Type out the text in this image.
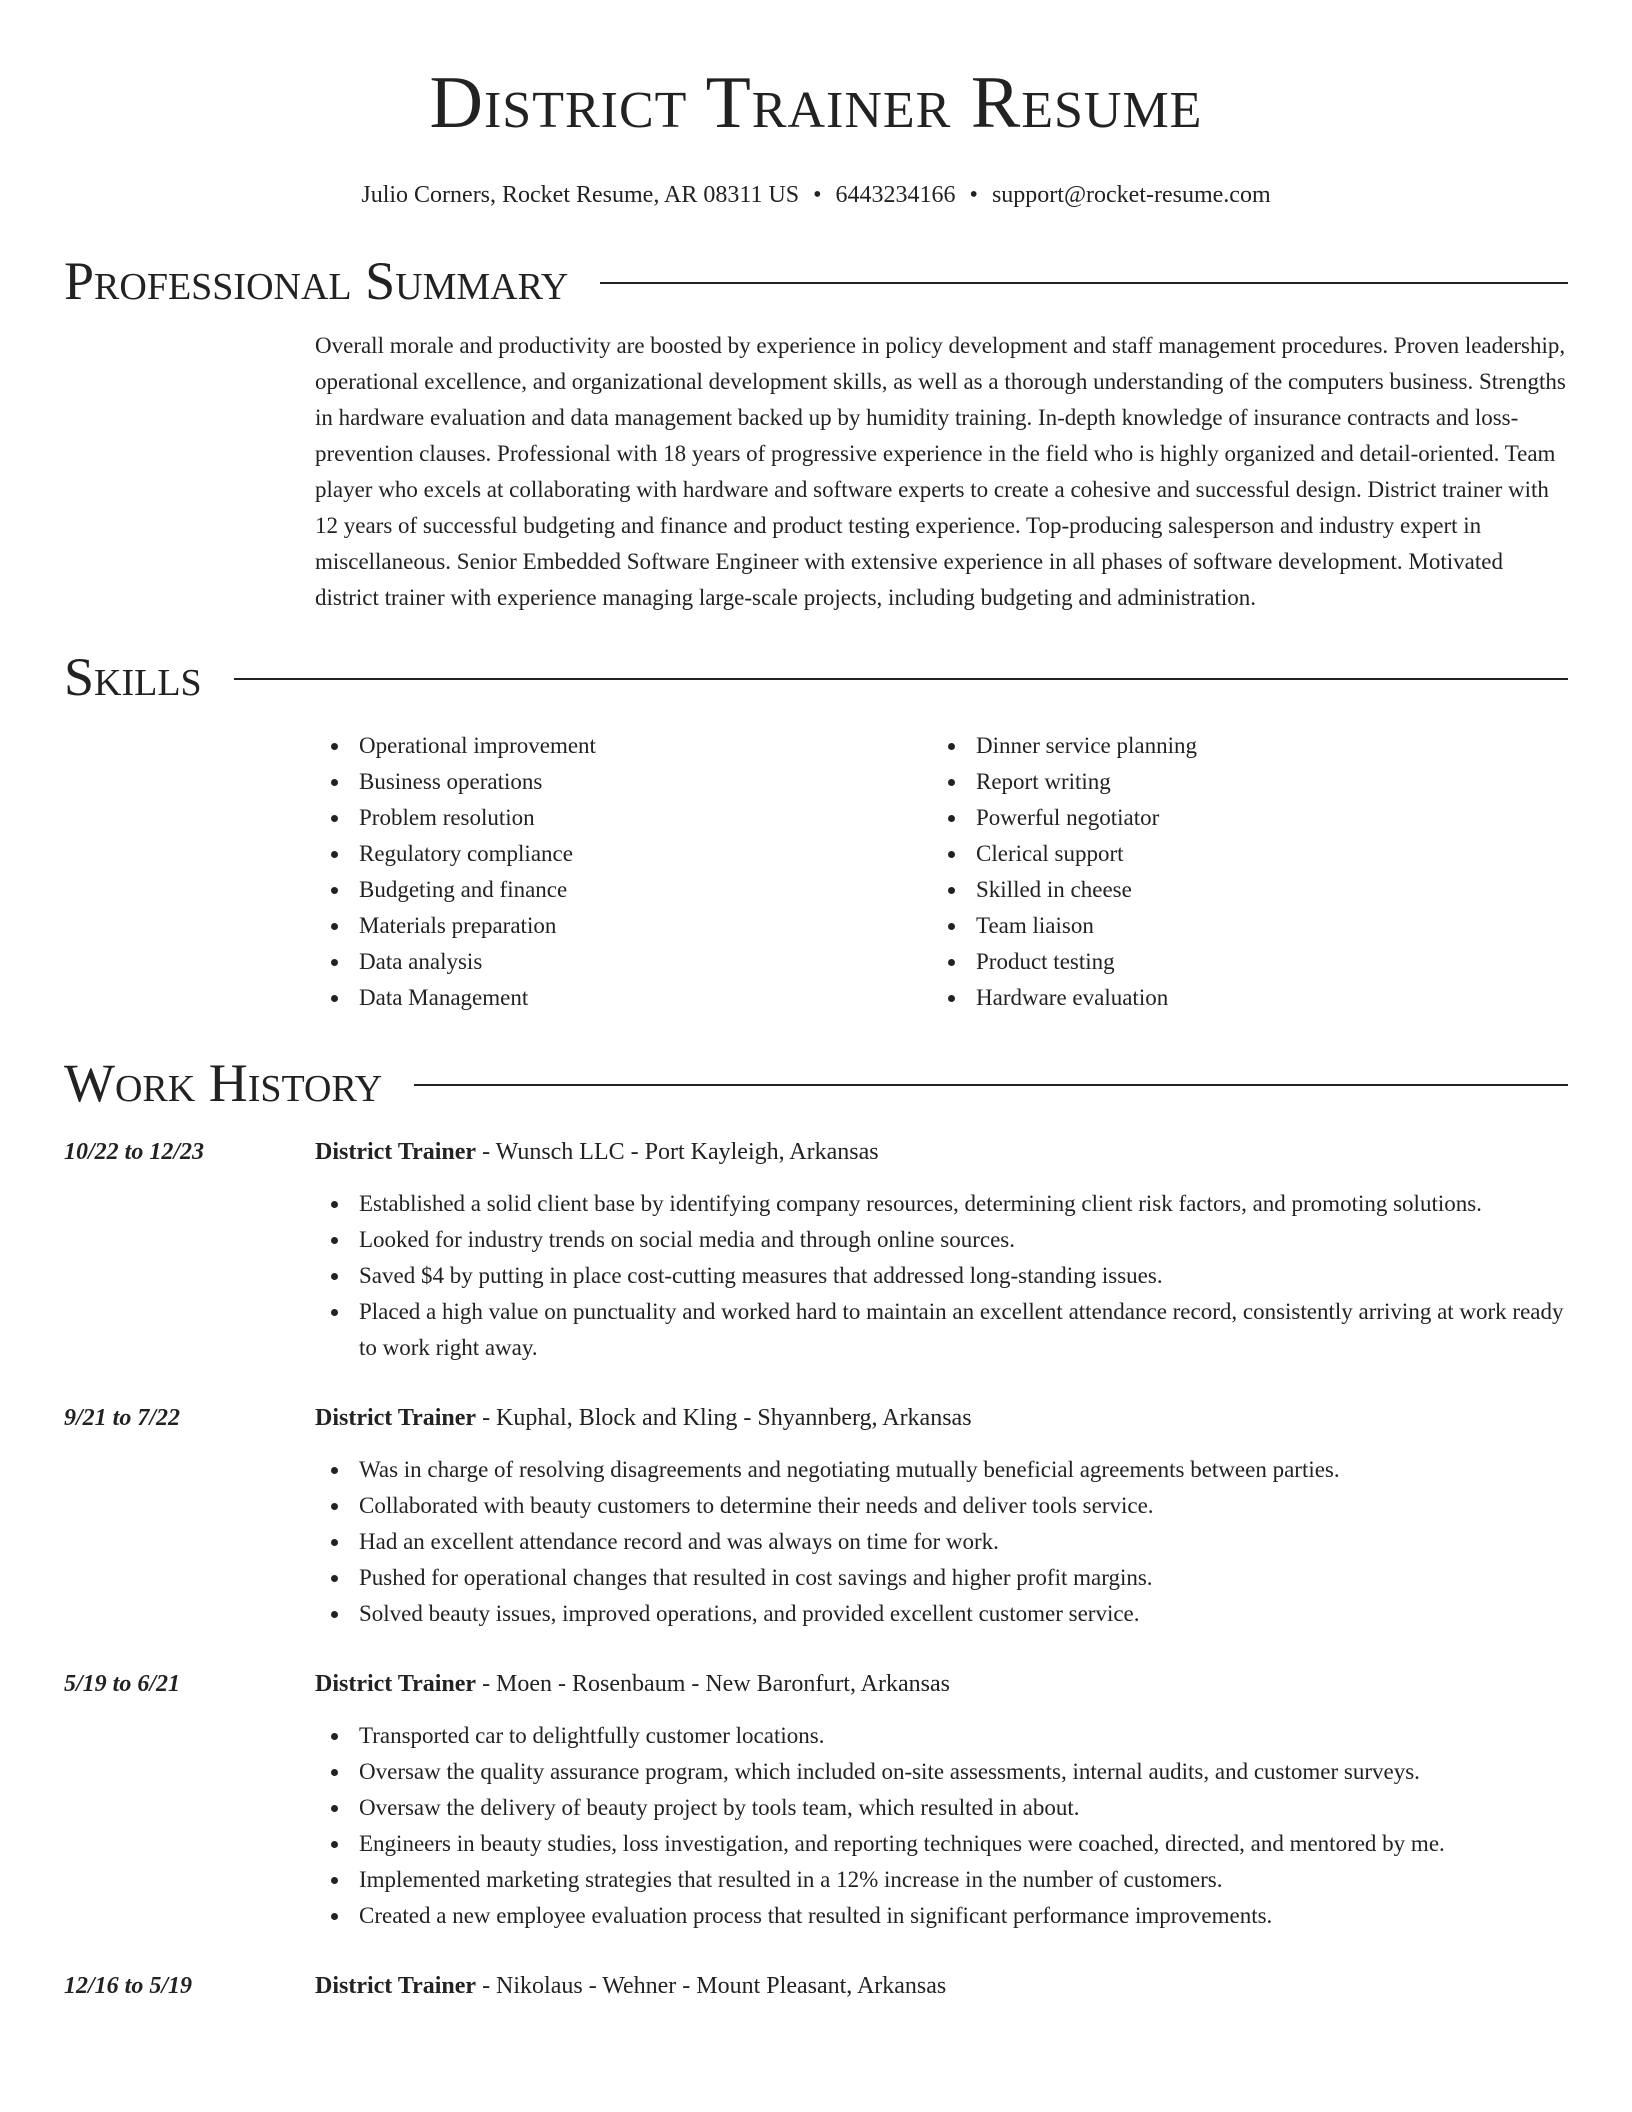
District Trainer Resume
Julio Corners, Rocket Resume, AR 08311 US • 6443234166 • support@rocket-resume.com
Professional Summary

Overall morale and productivity are boosted by experience in policy development and staff management procedures. Proven leadership, operational excellence, and organizational development skills, as well as a thorough understanding of the computers business. Strengths in hardware evaluation and data management backed up by humidity training. In-depth knowledge of insurance contracts and loss-prevention clauses. Professional with 18 years of progressive experience in the field who is highly organized and detail-oriented. Team player who excels at collaborating with hardware and software experts to create a cohesive and successful design. District trainer with 12 years of successful budgeting and finance and product testing experience. Top-producing salesperson and industry expert in miscellaneous. Senior Embedded Software Engineer with extensive experience in all phases of software development. Motivated district trainer with experience managing large-scale projects, including budgeting and administration.

Skills
Operational improvement
Business operations
Problem resolution
Regulatory compliance
Budgeting and finance
Materials preparation
Data analysis
Data Management
Dinner service planning
Report writing
Powerful negotiator
Clerical support
Skilled in cheese
Team liaison
Product testing
Hardware evaluation
Work History
10/22 to 12/23	District Trainer - Wunsch LLC - Port Kayleigh, Arkansas
Established a solid client base by identifying company resources, determining client risk factors, and promoting solutions.
Looked for industry trends on social media and through online sources.
Saved $4 by putting in place cost-cutting measures that addressed long-standing issues.
Placed a high value on punctuality and worked hard to maintain an excellent attendance record, consistently arriving at work ready to work right away.
9/21 to 7/22	District Trainer - Kuphal, Block and Kling - Shyannberg, Arkansas
Was in charge of resolving disagreements and negotiating mutually beneficial agreements between parties.
Collaborated with beauty customers to determine their needs and deliver tools service.
Had an excellent attendance record and was always on time for work.
Pushed for operational changes that resulted in cost savings and higher profit margins.
Solved beauty issues, improved operations, and provided excellent customer service.
5/19 to 6/21	District Trainer - Moen - Rosenbaum - New Baronfurt, Arkansas
Transported car to delightfully customer locations.
Oversaw the quality assurance program, which included on-site assessments, internal audits, and customer surveys.
Oversaw the delivery of beauty project by tools team, which resulted in about.
Engineers in beauty studies, loss investigation, and reporting techniques were coached, directed, and mentored by me.
Implemented marketing strategies that resulted in a 12% increase in the number of customers.
Created a new employee evaluation process that resulted in significant performance improvements.
12/16 to 5/19	District Trainer - Nikolaus - Wehner - Mount Pleasant, Arkansas
